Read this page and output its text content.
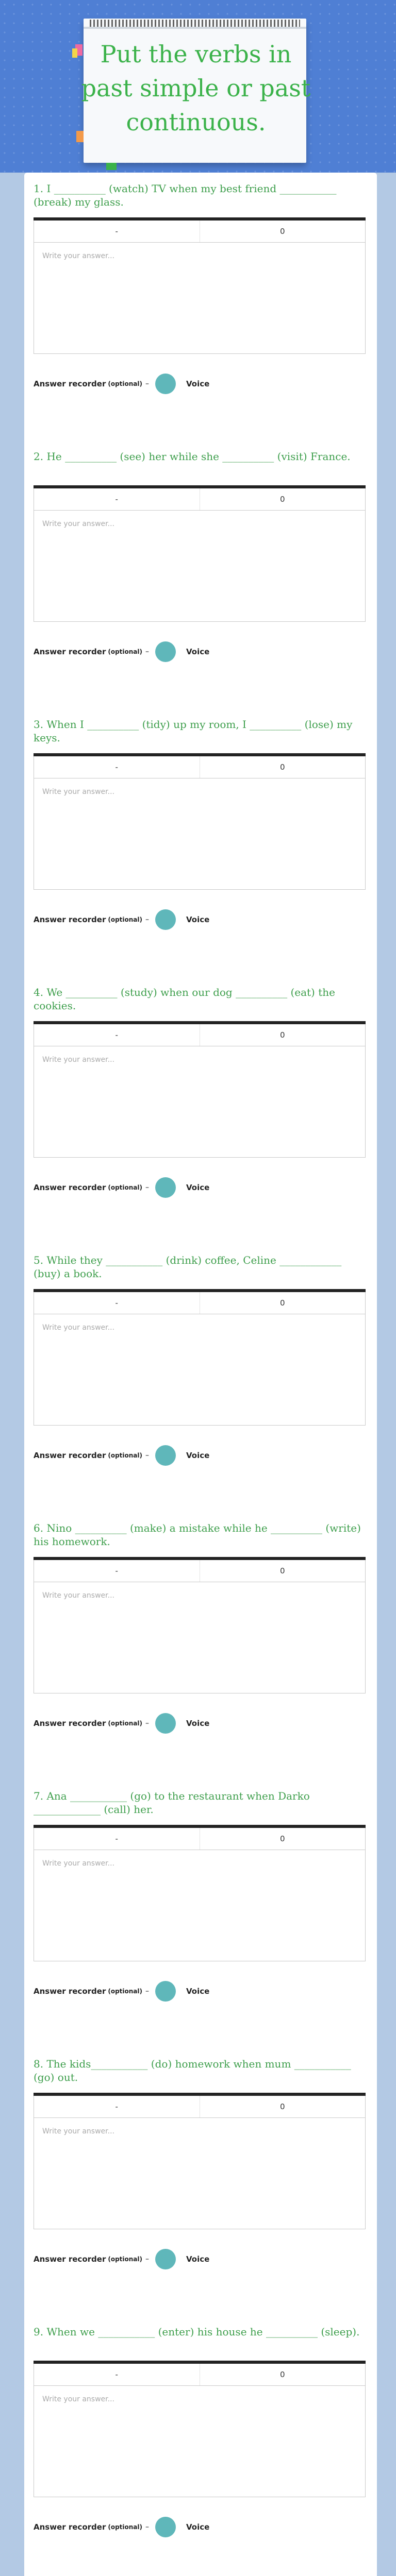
Put the verbs in past simple or past continuous.

1. I __________ (watch) TV when my best friend ___________ (break) my glass.

-	0
Write your answer...
Answer recorder (optional) –	Voice

2. He __________ (see) her while she __________ (visit) France.

-	0
Write your answer...
Answer recorder (optional) –	Voice

3. When I __________ (tidy) up my room, I __________ (lose) my keys.

-	0
Write your answer...
Answer recorder (optional) –	Voice

4. We __________ (study) when our dog __________ (eat) the cookies.

-	0
Write your answer...
Answer recorder (optional) –	Voice

5. While they ___________ (drink) coffee, Celine ____________ (buy) a book.

-	0
Write your answer...
Answer recorder (optional) –	Voice

6. Nino __________ (make) a mistake while he __________ (write) his homework.

-	0
Write your answer...
Answer recorder (optional) –	Voice

7. Ana ___________ (go) to the restaurant when Darko _____________ (call) her.

-	0
Write your answer...
Answer recorder (optional) –	Voice

8. The kids___________ (do) homework when mum ___________ (go) out.

-	0
Write your answer...
Answer recorder (optional) –	Voice

9. When we ___________ (enter) his house he __________ (sleep).

-	0
Write your answer...
Answer recorder (optional) –	Voice
